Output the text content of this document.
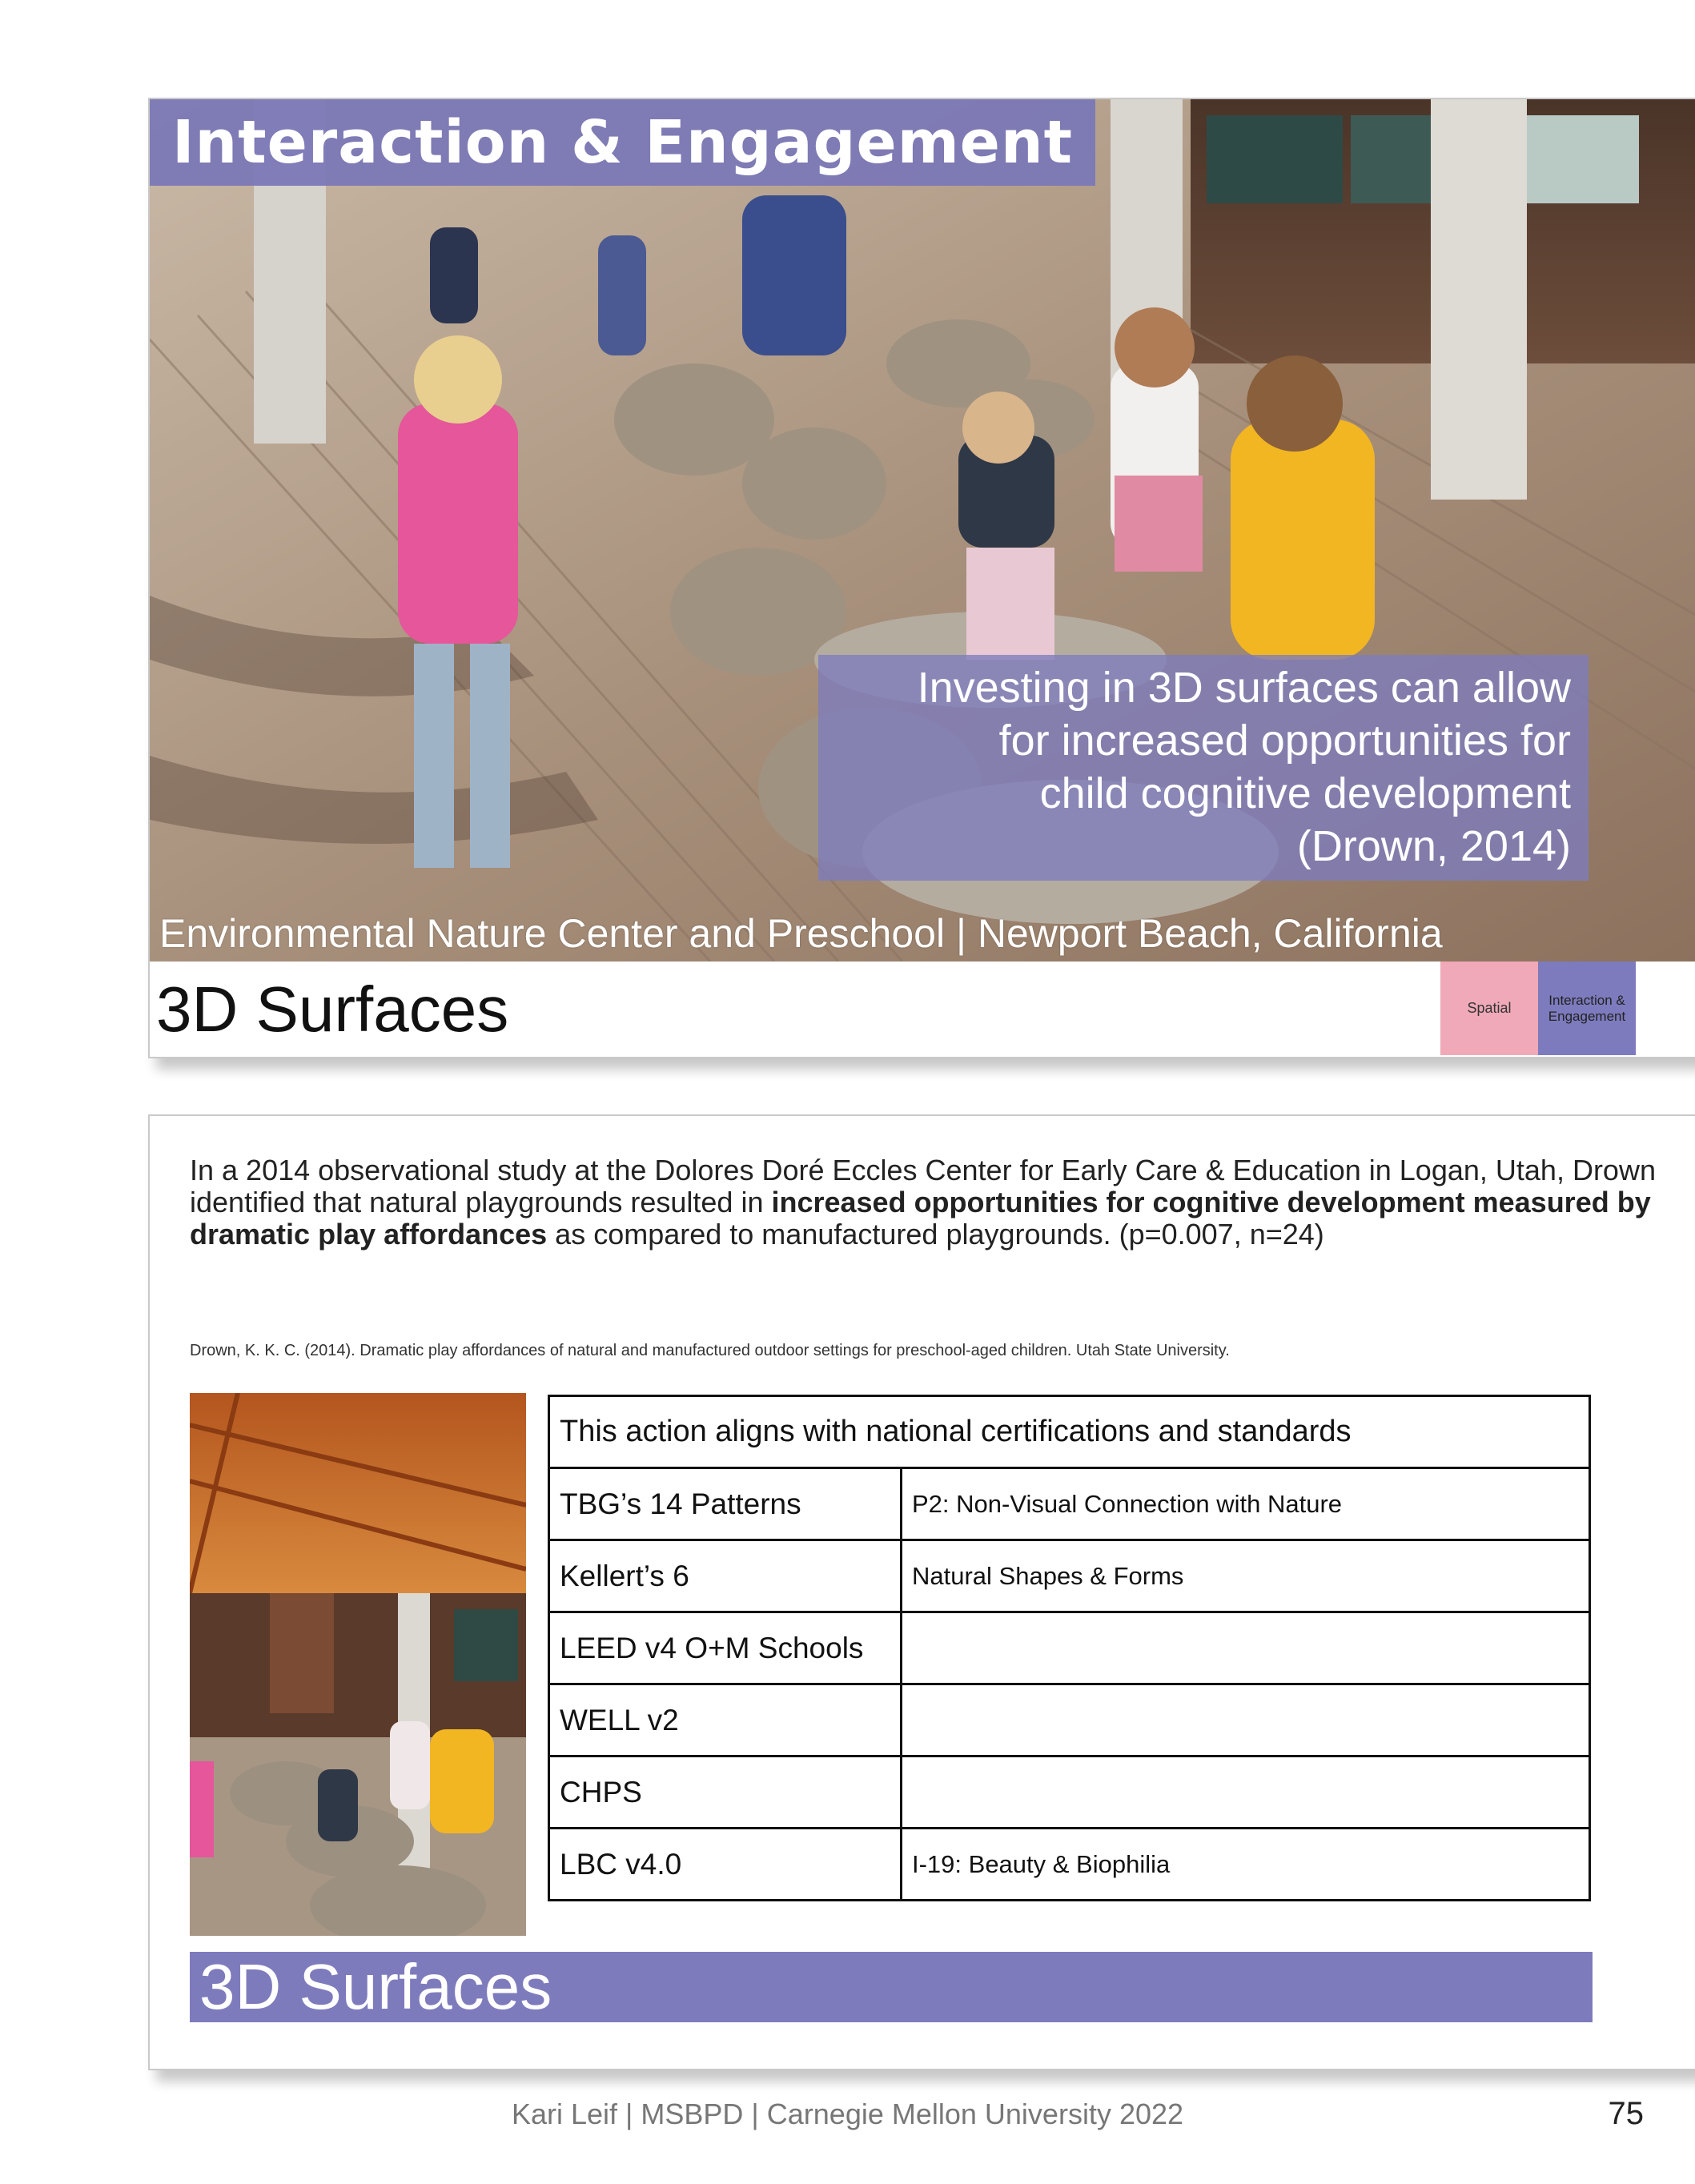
Interaction & Engagement
Investing in 3D surfaces can allow
for increased opportunities for
child cognitive development
(Drown, 2014)
Environmental Nature Center and Preschool | Newport Beach, California
3D Surfaces	Spatial	Interaction & Engagement
In a 2014 observational study at the Dolores Doré Eccles Center for Early Care & Education in Logan, Utah, Drown identified that natural playgrounds resulted in increased opportunities for cognitive development measured by dramatic play affordances as compared to manufactured playgrounds. (p=0.007, n=24)
Drown, K. K. C. (2014). Dramatic play affordances of natural and manufactured outdoor settings for preschool-aged children. Utah State University.
This action aligns with national certifications and standards	
TBG’s 14 Patterns	P2: Non-Visual Connection with Nature
Kellert’s 6	Natural Shapes & Forms
LEED v4 O+M Schools	
WELL v2	
CHPS	
LBC v4.0	I-19: Beauty & Biophilia
3D Surfaces
Kari Leif | MSBPD | Carnegie Mellon University 2022	75
